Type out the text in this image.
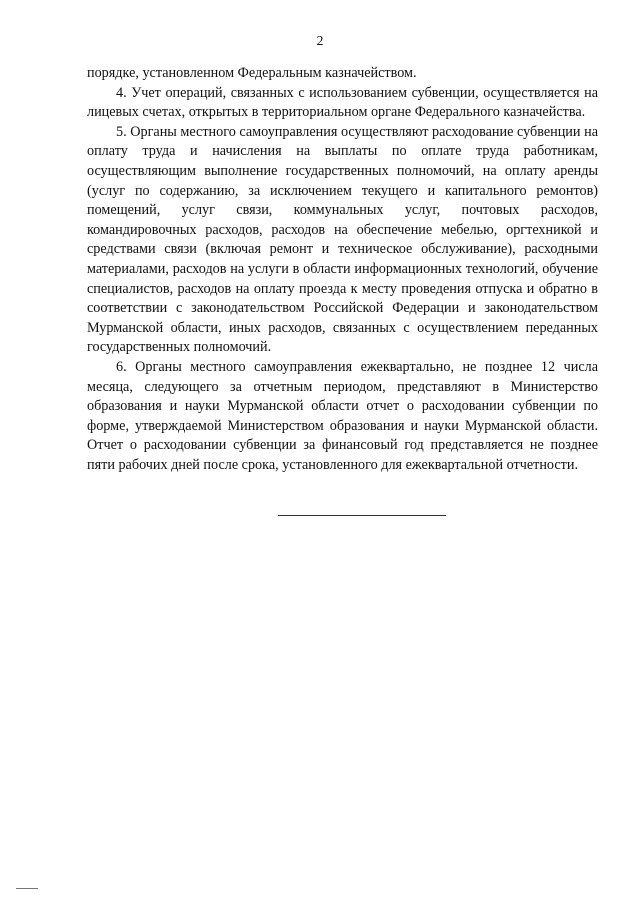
2

порядке, установленном Федеральным казначейством.

4. Учет операций, связанных с использованием субвенции, осуществляется на лицевых счетах, открытых в территориальном органе Федерального казначейства.

5. Органы местного самоуправления осуществляют расходование субвенции на оплату труда и начисления на выплаты по оплате труда работникам, осуществляющим выполнение государственных полномочий, на оплату аренды (услуг по содержанию, за исключением текущего и капитального ремонтов) помещений, услуг связи, коммунальных услуг, почтовых расходов, командировочных расходов, расходов на обеспечение мебелью, оргтехникой и средствами связи (включая ремонт и техническое обслуживание), расходными материалами, расходов на услуги в области информационных технологий, обучение специалистов, расходов на оплату проезда к месту проведения отпуска и обратно в соответствии с законодательством Российской Федерации и законодательством Мурманской области, иных расходов, связанных с осуществлением переданных государственных полномочий.

6. Органы местного самоуправления ежеквартально, не позднее 12 числа месяца, следующего за отчетным периодом, представляют в Министерство образования и науки Мурманской области отчет о расходовании субвенции по форме, утверждаемой Министерством образования и науки Мурманской области. Отчет о расходовании субвенции за финансовый год представляется не позднее пяти рабочих дней после срока, установленного для ежеквартальной отчетности.
